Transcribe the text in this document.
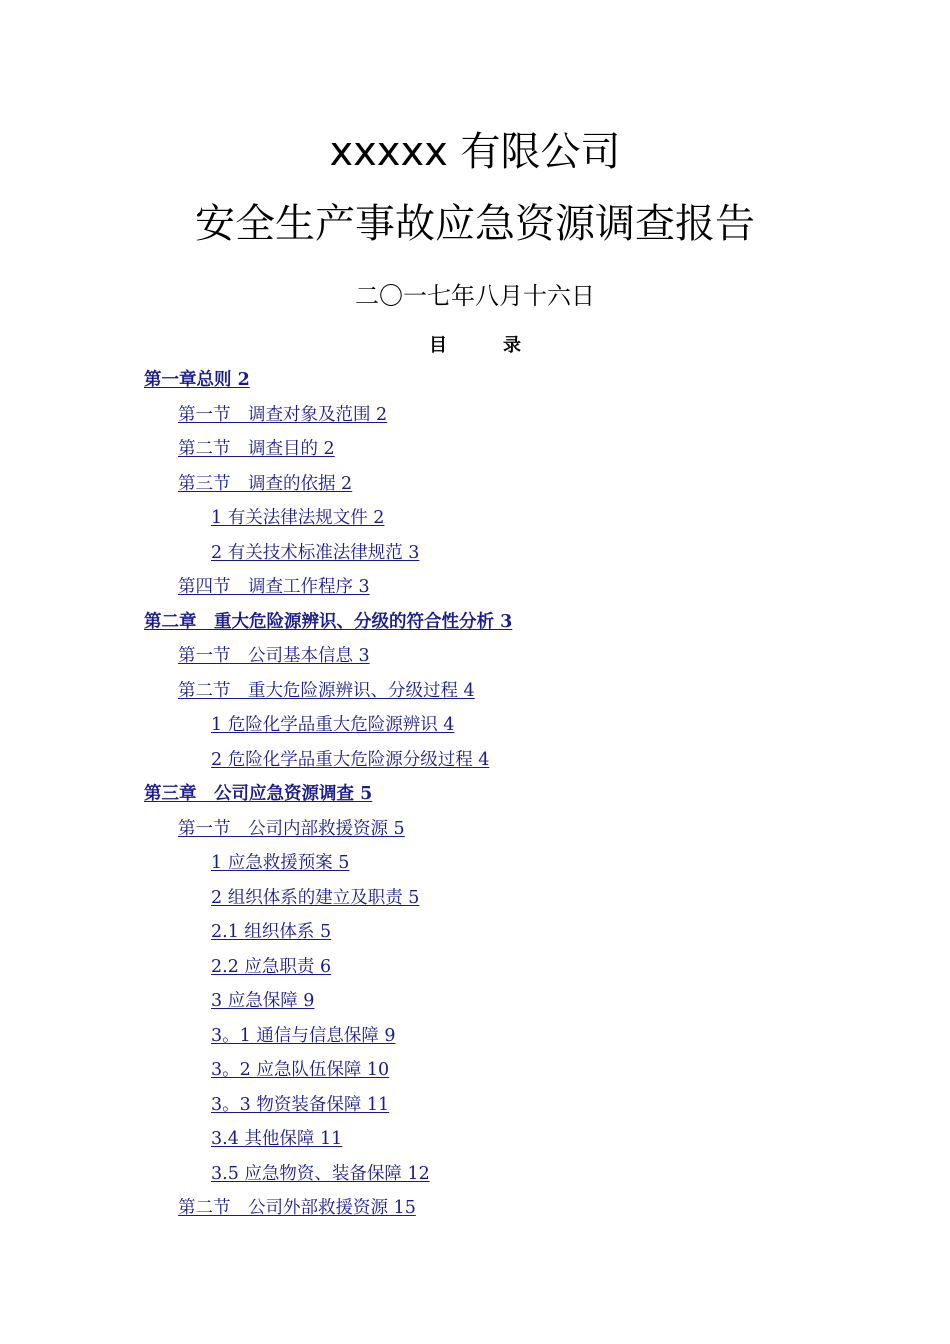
xxxxx 有限公司
安全生产事故应急资源调查报告
二〇一七年八月十六日
目	录
第一章总则 2
第一节　调查对象及范围 2
第二节　调查目的 2
第三节　调查的依据 2
1 有关法律法规文件 2
2 有关技术标准法律规范 3
第四节　调查工作程序 3
第二章　重大危险源辨识、分级的符合性分析 3
第一节　公司基本信息 3
第二节　重大危险源辨识、分级过程 4
1 危险化学品重大危险源辨识 4
2 危险化学品重大危险源分级过程 4
第三章　公司应急资源调查 5
第一节　公司内部救援资源 5
1 应急救援预案 5
2 组织体系的建立及职责 5
2.1 组织体系 5
2.2 应急职责 6
3 应急保障 9
3。1 通信与信息保障 9
3。2 应急队伍保障 10
3。3 物资装备保障 11
3.4 其他保障 11
3.5 应急物资、装备保障 12
第二节　公司外部救援资源 15
